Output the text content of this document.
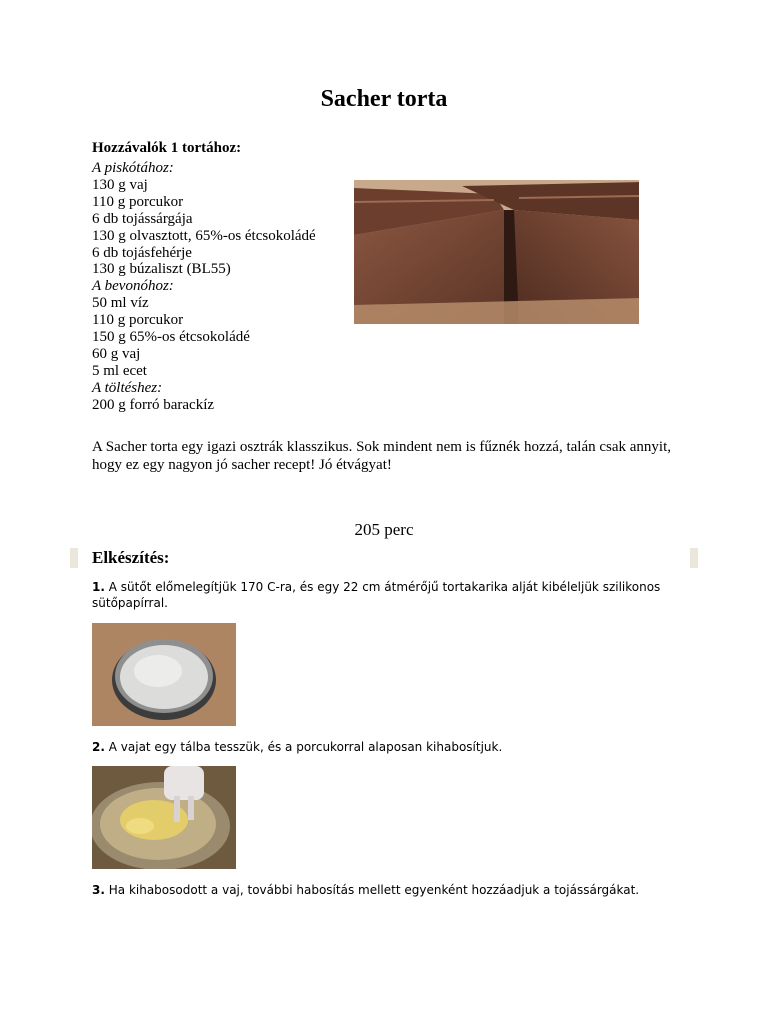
Sacher torta
Hozzávalók 1 tortához:
A piskótához:
130 g vaj
110 g porcukor
6 db tojássárgája
130 g olvasztott, 65%-os étcsokoládé
6 db tojásfehérje
130 g búzaliszt (BL55)
A bevonóhoz:
50 ml víz
110 g porcukor
150 g 65%-os étcsokoládé
60 g vaj
5 ml ecet
A töltéshez:
200 g forró barackíz
A Sacher torta egy igazi osztrák klasszikus. Sok mindent nem is fűznék hozzá, talán csak annyit, hogy ez egy nagyon jó sacher recept! Jó étvágyat!
205 perc
Elkészítés:
1. A sütőt előmelegítjük 170 C-ra, és egy 22 cm átmérőjű tortakarika alját kibéleljük szilikonos sütőpapírral.
2. A vajat egy tálba tesszük, és a porcukorral alaposan kihabosítjuk.
3. Ha kihabosodott a vaj, további habosítás mellett egyenként hozzáadjuk a tojássárgákat.
